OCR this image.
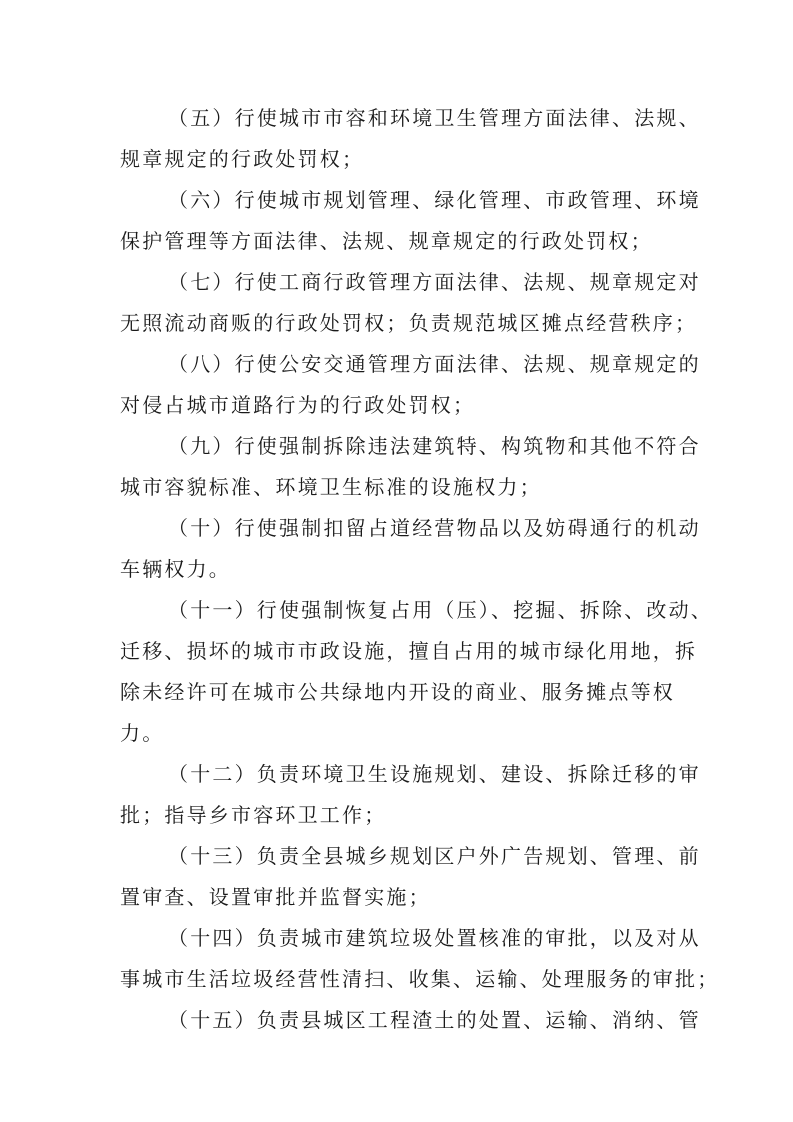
（五）行使城市市容和环境卫生管理方面法律、法规、
规章规定的行政处罚权；
（六）行使城市规划管理、绿化管理、市政管理、环境
保护管理等方面法律、法规、规章规定的行政处罚权；
（七）行使工商行政管理方面法律、法规、规章规定对
无照流动商贩的行政处罚权；负责规范城区摊点经营秩序；
（八）行使公安交通管理方面法律、法规、规章规定的
对侵占城市道路行为的行政处罚权；
（九）行使强制拆除违法建筑特、构筑物和其他不符合
城市容貌标准、环境卫生标准的设施权力；
（十）行使强制扣留占道经营物品以及妨碍通行的机动
车辆权力。
（十一）行使强制恢复占用（压）、挖掘、拆除、改动、
迁移、损坏的城市市政设施，擅自占用的城市绿化用地，拆
除未经许可在城市公共绿地内开设的商业、服务摊点等权
力。
（十二）负责环境卫生设施规划、建设、拆除迁移的审
批；指导乡市容环卫工作；
（十三）负责全县城乡规划区户外广告规划、管理、前
置审查、设置审批并监督实施；
（十四）负责城市建筑垃圾处置核准的审批，以及对从
事城市生活垃圾经营性清扫、收集、运输、处理服务的审批；
（十五）负责县城区工程渣土的处置、运输、消纳、管
